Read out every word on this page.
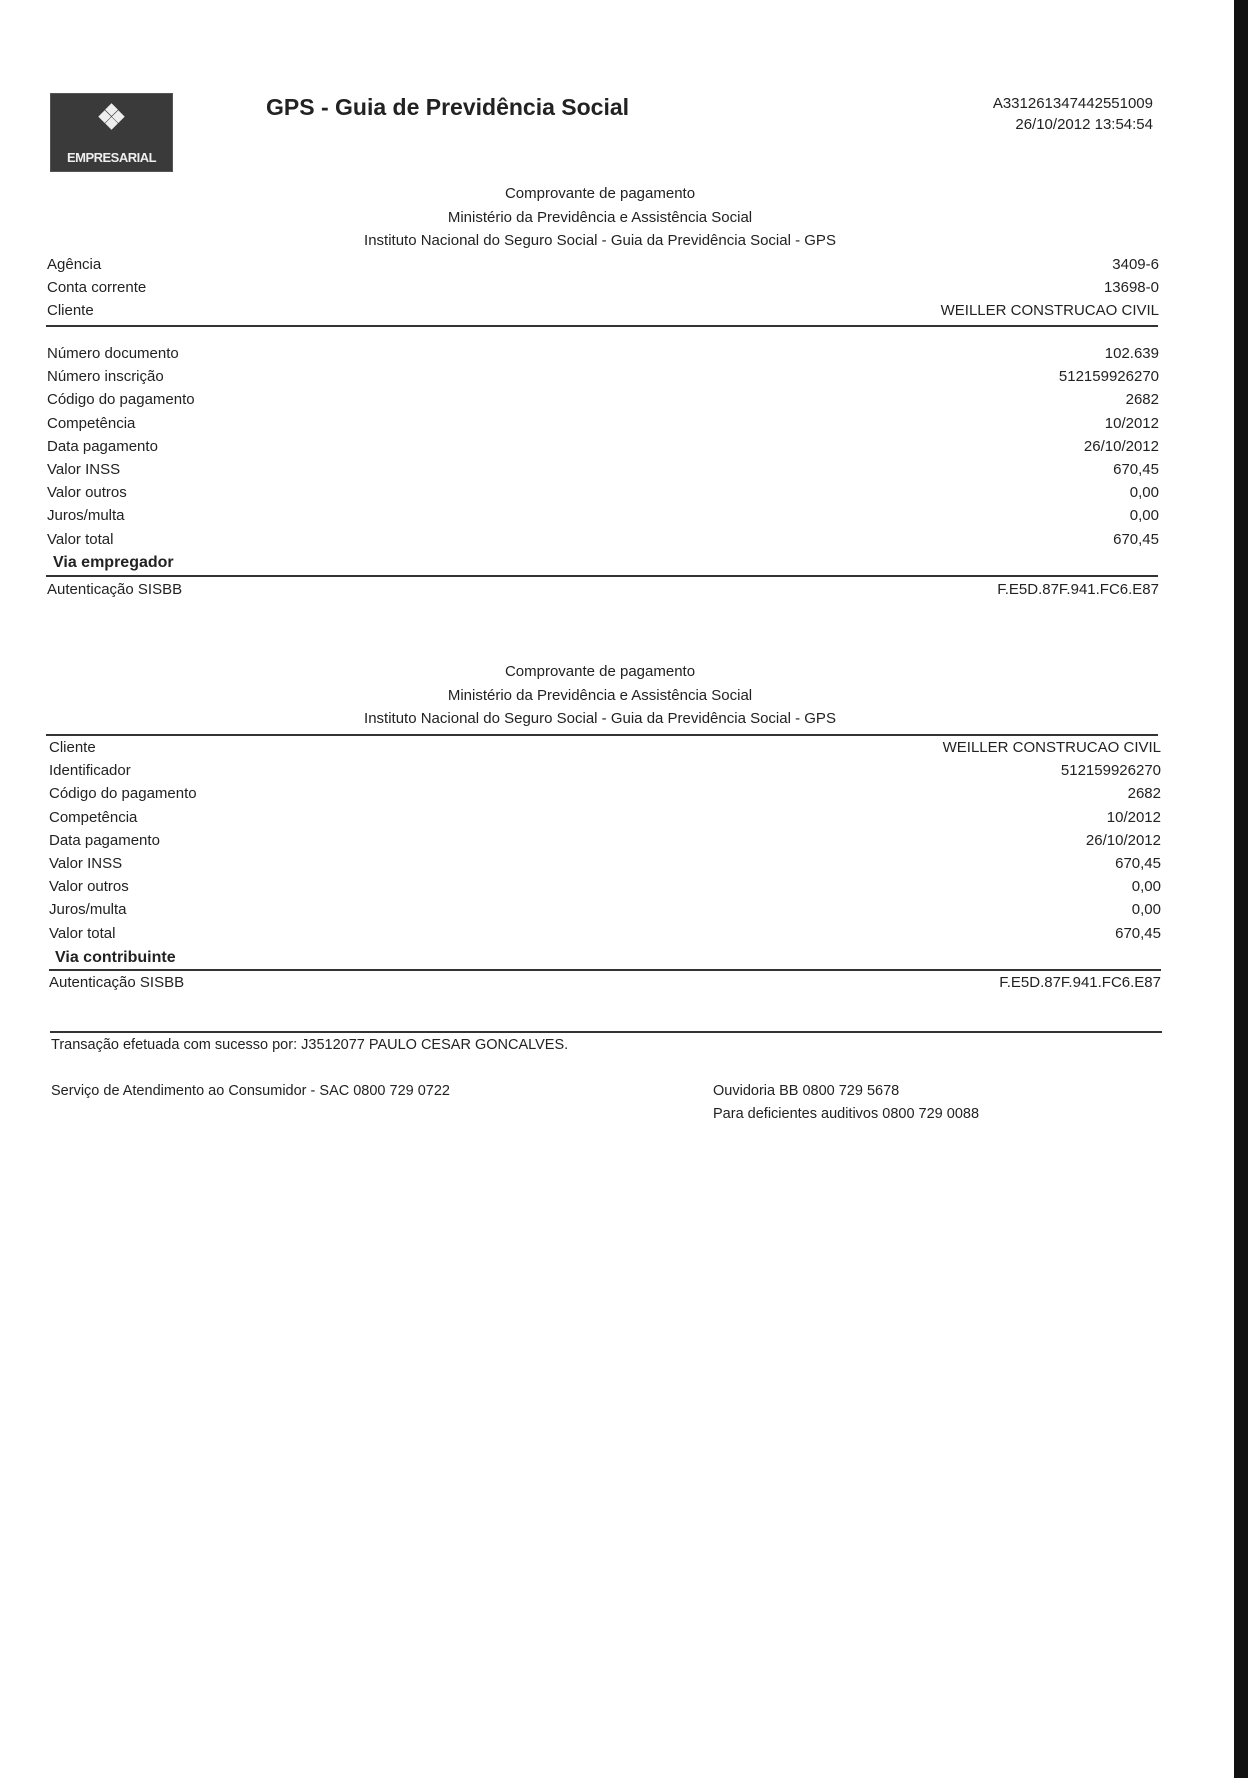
❖
EMPRESARIAL
GPS - Guia de Previdência Social	A331261347442551009
26/10/2012 13:54:54
Comprovante de pagamento
Ministério da Previdência e Assistência Social
Instituto Nacional do Seguro Social - Guia da Previdência Social - GPS
Agência	3409-6
Conta corrente	13698-0
Cliente	WEILLER CONSTRUCAO CIVIL
Número documento	102.639
Número inscrição	512159926270
Código do pagamento	2682
Competência	10/2012
Data pagamento	26/10/2012
Valor INSS	670,45
Valor outros	0,00
Juros/multa	0,00
Valor total	670,45
Via empregador
Autenticação SISBB	F.E5D.87F.941.FC6.E87
Comprovante de pagamento
Ministério da Previdência e Assistência Social
Instituto Nacional do Seguro Social - Guia da Previdência Social - GPS
Cliente	WEILLER CONSTRUCAO CIVIL
Identificador	512159926270
Código do pagamento	2682
Competência	10/2012
Data pagamento	26/10/2012
Valor INSS	670,45
Valor outros	0,00
Juros/multa	0,00
Valor total	670,45
Via contribuinte
Autenticação SISBB	F.E5D.87F.941.FC6.E87
Transação efetuada com sucesso por: J3512077 PAULO CESAR GONCALVES.
Serviço de Atendimento ao Consumidor - SAC 0800 729 0722	Ouvidoria BB 0800 729 5678
Para deficientes auditivos 0800 729 0088
